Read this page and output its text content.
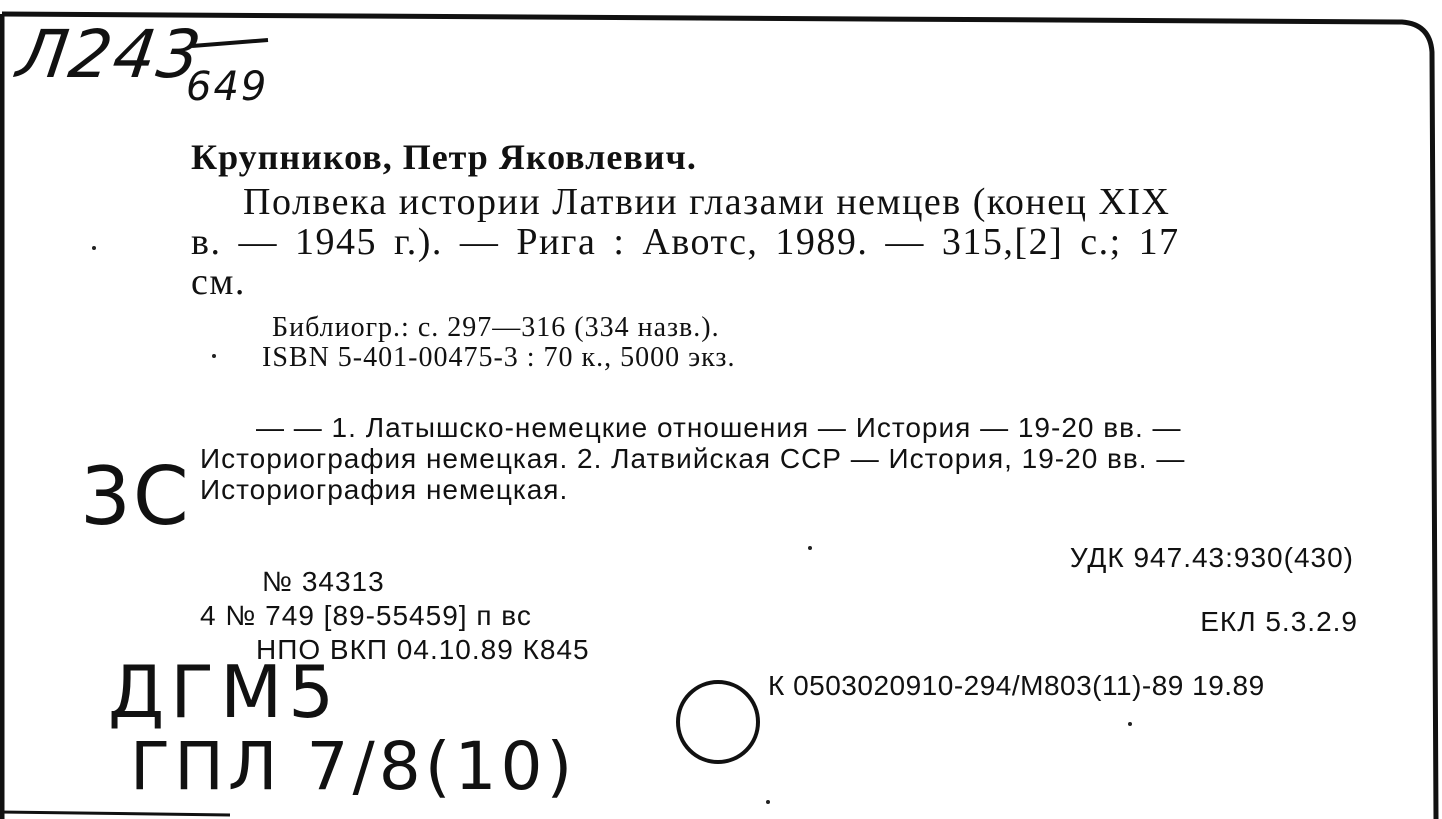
Л243
649
Крупников, Петр Яковлевич.
Полвека истории Латвии глазами немцев (конец XIX
в. — 1945 г.). — Рига : Авотс, 1989. — 315,[2] с.; 17
см.
Библиогр.: с. 297—316 (334 назв.).
ISBN 5-401-00475-3 : 70 к., 5000 экз.
— — 1. Латышско-немецкие отношения — История — 19-20 вв. —
Историография немецкая. 2. Латвийская ССР — История, 19-20 вв. —
Историография немецкая.
3С
УДК 947.43:930(430)
ЕКЛ 5.3.2.9
№ 34313
4 № 749 [89-55459] п вс
НПО ВКП 04.10.89 К845
К 0503020910-294/М803(11)-89 19.89
ДГМ5
ГПЛ 7/8(10)
